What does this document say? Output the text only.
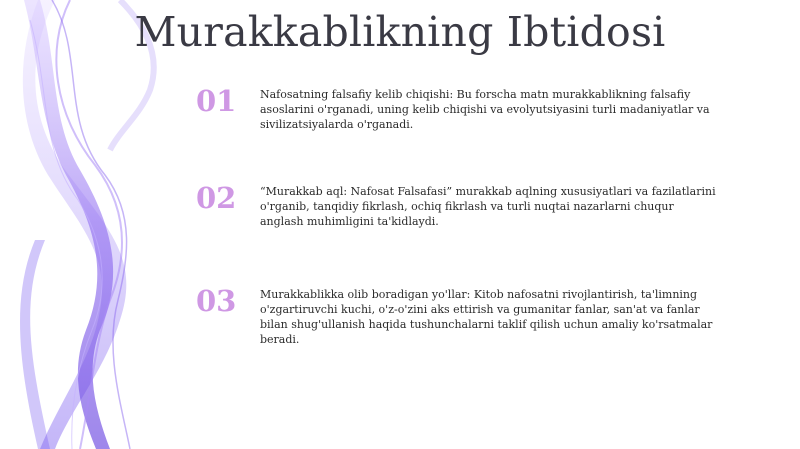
Murakkablikning Ibtidosi
01	Nafosatning falsafiy kelib chiqishi: Bu forscha matn murakkablikning falsafiy asoslarini o'rganadi, uning kelib chiqishi va evolyutsiyasini turli madaniyatlar va sivilizatsiyalarda o'rganadi.
02	“Murakkab aql: Nafosat Falsafasi” murakkab aqlning xususiyatlari va fazilatlarini o'rganib, tanqidiy fikrlash, ochiq fikrlash va turli nuqtai nazarlarni chuqur anglash muhimligini ta'kidlaydi.
03	Murakkablikka olib boradigan yo'llar: Kitob nafosatni rivojlantirish, ta'limning o'zgartiruvchi kuchi, o'z-o'zini aks ettirish va gumanitar fanlar, san'at va fanlar bilan shug'ullanish haqida tushunchalarni taklif qilish uchun amaliy ko'rsatmalar beradi.
